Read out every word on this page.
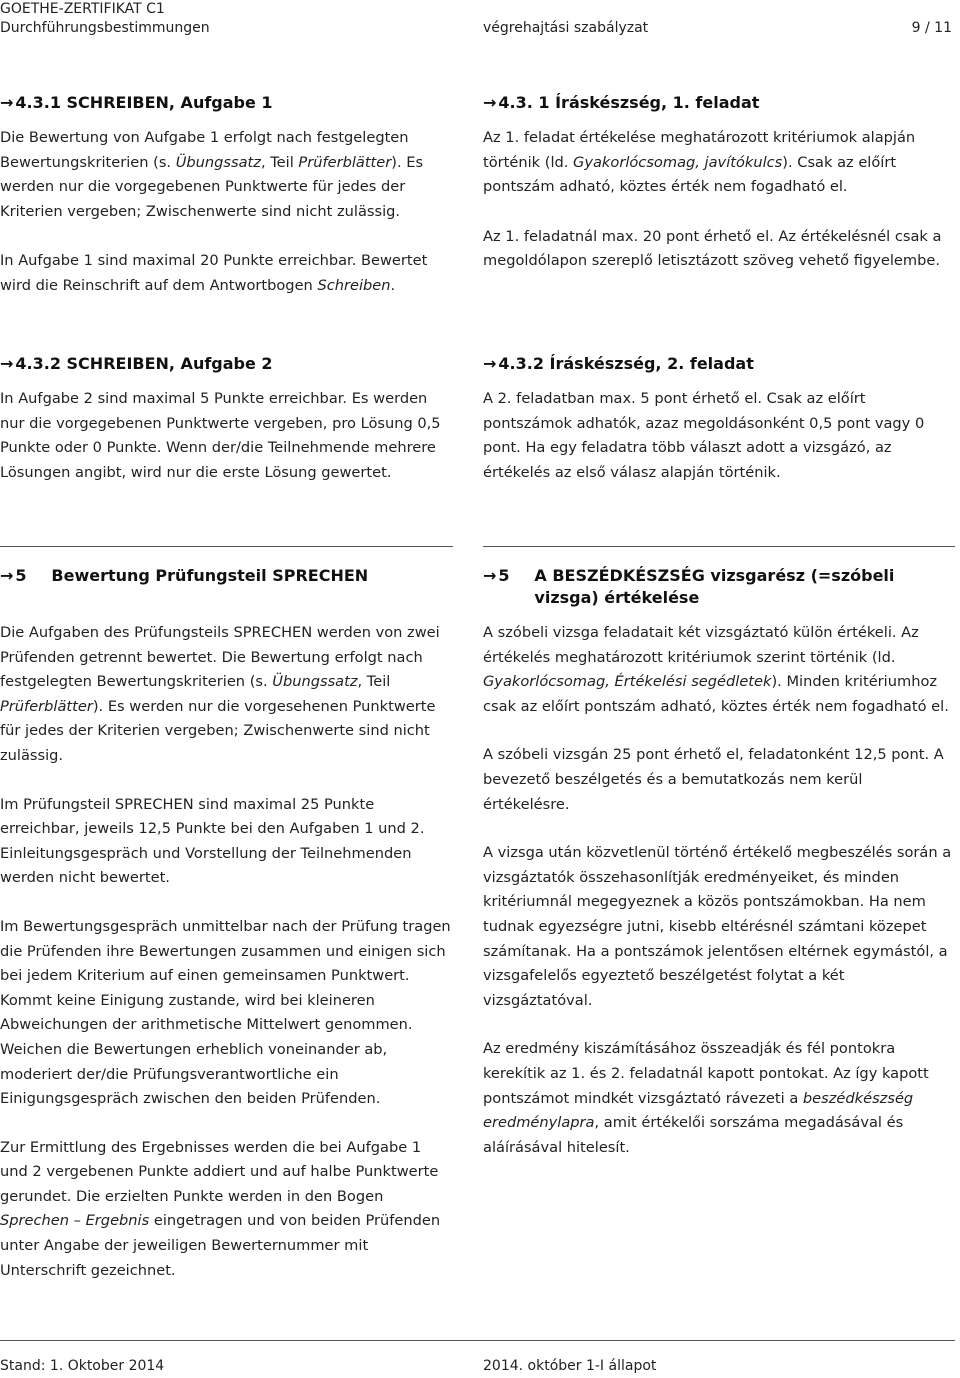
GOETHE-ZERTIFIKAT C1
Durchführungsbestimmungen	végrehajtási szabályzat	9 / 11
→ 4.3.1 SCHREIBEN, Aufgabe 1
Die Bewertung von Aufgabe 1 erfolgt nach festgelegten Bewertungskriterien (s. Übungssatz, Teil Prüferblätter). Es werden nur die vorgegebenen Punktwerte für jedes der Kriterien vergeben; Zwischenwerte sind nicht zulässig.
In Aufgabe 1 sind maximal 20 Punkte erreichbar. Bewertet wird die Reinschrift auf dem Antwortbogen Schreiben.
→ 4.3. 1 Íráskészség, 1. feladat
Az 1. feladat értékelése meghatározott kritériumok alapján történik (ld. Gyakorlócsomag, javítókulcs). Csak az előírt pontszám adható, köztes érték nem fogadható el.
Az 1. feladatnál max. 20 pont érhető el. Az értékelésnél csak a megoldólapon szereplő letisztázott szöveg vehető figyelembe.
→ 4.3.2 SCHREIBEN, Aufgabe 2
In Aufgabe 2 sind maximal 5 Punkte erreichbar. Es werden nur die vorgegebenen Punktwerte vergeben, pro Lösung 0,5 Punkte oder 0 Punkte. Wenn der/die Teilnehmende mehrere Lösungen angibt, wird nur die erste Lösung gewertet.
→ 4.3.2 Íráskészség, 2. feladat
A 2. feladatban max. 5 pont érhető el. Csak az előírt pontszámok adhatók, azaz megoldásonként 0,5 pont vagy 0 pont. Ha egy feladatra több választ adott a vizsgázó, az értékelés az első válasz alapján történik.
→ 5 Bewertung Prüfungsteil SPRECHEN
Die Aufgaben des Prüfungsteils SPRECHEN werden von zwei Prüfenden getrennt bewertet. Die Bewertung erfolgt nach festgelegten Bewertungskriterien (s. Übungssatz, Teil Prüferblätter). Es werden nur die vorgesehenen Punktwerte für jedes der Kriterien vergeben; Zwischenwerte sind nicht zulässig.
Im Prüfungsteil SPRECHEN sind maximal 25 Punkte erreichbar, jeweils 12,5 Punkte bei den Aufgaben 1 und 2. Einleitungsgespräch und Vorstellung der Teilnehmenden werden nicht bewertet.
Im Bewertungsgespräch unmittelbar nach der Prüfung tragen die Prüfenden ihre Bewertungen zusammen und einigen sich bei jedem Kriterium auf einen gemeinsamen Punktwert. Kommt keine Einigung zustande, wird bei kleineren Abweichungen der arithmetische Mittelwert genommen. Weichen die Bewertungen erheblich voneinander ab, moderiert der/die Prüfungsverantwortliche ein Einigungsgespräch zwischen den beiden Prüfenden.
Zur Ermittlung des Ergebnisses werden die bei Aufgabe 1 und 2 vergebenen Punkte addiert und auf halbe Punktwerte gerundet. Die erzielten Punkte werden in den Bogen Sprechen – Ergebnis eingetragen und von beiden Prüfenden unter Angabe der jeweiligen Bewerternummer mit Unterschrift gezeichnet.
→ 5 A BESZÉDKÉSZSÉG vizsgarész (=szóbeli vizsga) értékelése
A szóbeli vizsga feladatait két vizsgáztató külön értékeli. Az értékelés meghatározott kritériumok szerint történik (ld. Gyakorlócsomag, Értékelési segédletek). Minden kritériumhoz csak az előírt pontszám adható, köztes érték nem fogadható el.
A szóbeli vizsgán 25 pont érhető el, feladatonként 12,5 pont. A bevezető beszélgetés és a bemutatkozás nem kerül értékelésre.
A vizsga után közvetlenül történő értékelő megbeszélés során a vizsgáztatók összehasonlítják eredményeiket, és minden kritériumnál megegyeznek a közös pontszámokban. Ha nem tudnak egyezségre jutni, kisebb eltérésnél számtani közepet számítanak. Ha a pontszámok jelentősen eltérnek egymástól, a vizsgafelelős egyeztető beszélgetést folytat a két vizsgáztatóval.
Az eredmény kiszámításához összeadják és fél pontokra kerekítik az 1. és 2. feladatnál kapott pontokat. Az így kapott pontszámot mindkét vizsgáztató rávezeti a beszédkészség eredménylapra, amit értékelői sorszáma megadásával és aláírásával hitelesít.
Stand: 1. Oktober 2014	2014. október 1-I állapot
